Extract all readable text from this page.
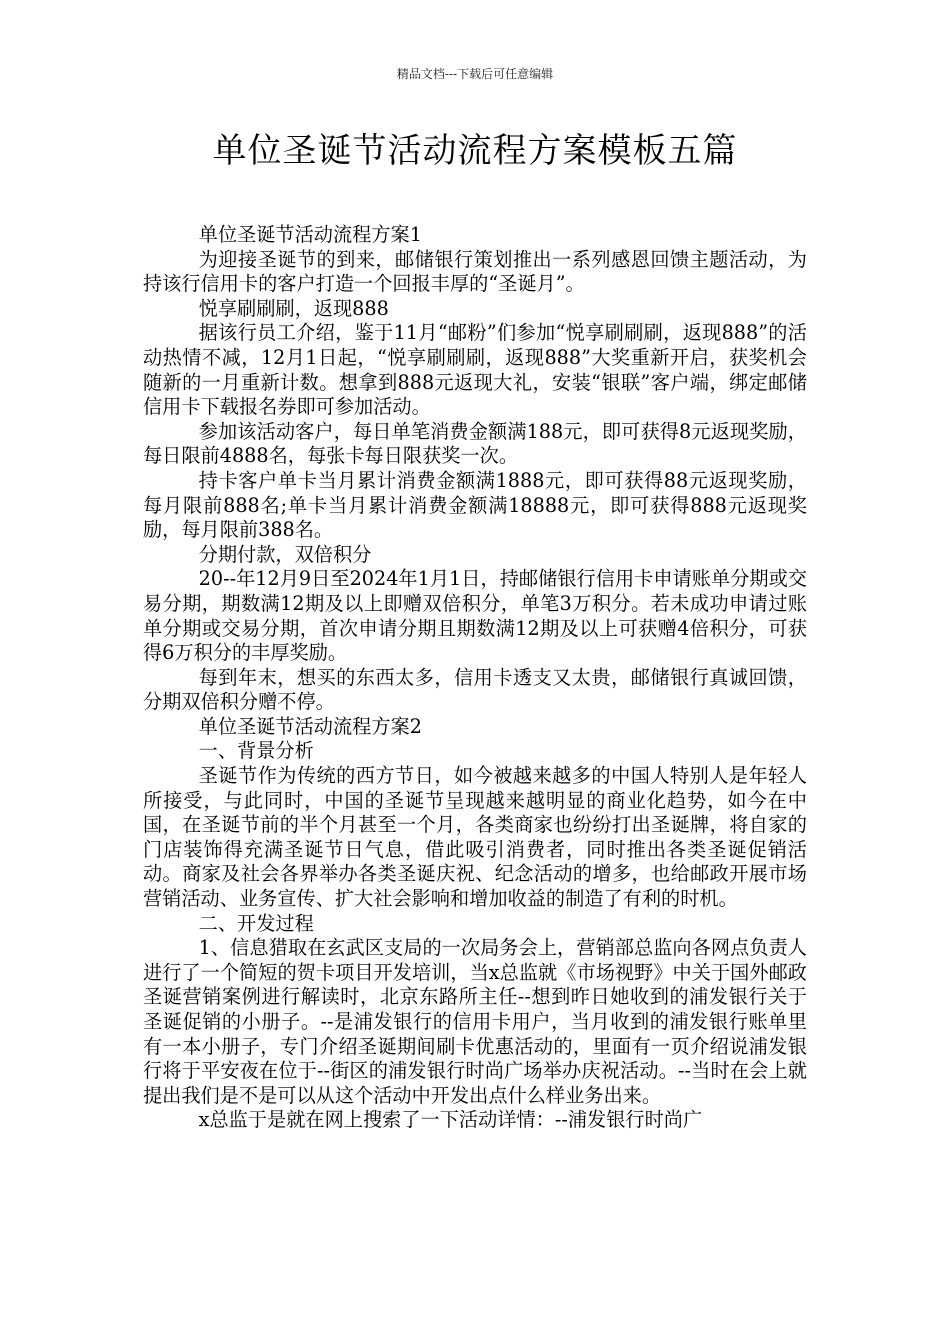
精品文档---下载后可任意编辑
单位圣诞节活动流程方案模板五篇

单位圣诞节活动流程方案1

为迎接圣诞节的到来，邮储银行策划推出一系列感恩回馈主题活动，为持该行信用卡的客户打造一个回报丰厚的“圣诞月”。

悦享刷刷刷，返现888

据该行员工介绍，鉴于11月“邮粉”们参加“悦享刷刷刷，返现888”的活动热情不减，12月1日起，“悦享刷刷刷，返现888”大奖重新开启，获奖机会随新的一月重新计数。想拿到888元返现大礼，安装“银联”客户端，绑定邮储信用卡下载报名券即可参加活动。

参加该活动客户，每日单笔消费金额满188元，即可获得8元返现奖励，每日限前4888名，每张卡每日限获奖一次。

持卡客户单卡当月累计消费金额满1888元，即可获得88元返现奖励，每月限前888名;单卡当月累计消费金额满18888元，即可获得888元返现奖励，每月限前388名。

分期付款，双倍积分

20--年12月9日至2024年1月1日，持邮储银行信用卡申请账单分期或交易分期，期数满12期及以上即赠双倍积分，单笔3万积分。若未成功申请过账单分期或交易分期，首次申请分期且期数满12期及以上可获赠4倍积分，可获得6万积分的丰厚奖励。

每到年末，想买的东西太多，信用卡透支又太贵，邮储银行真诚回馈，分期双倍积分赠不停。

单位圣诞节活动流程方案2

一、背景分析

圣诞节作为传统的西方节日，如今被越来越多的中国人特别人是年轻人所接受，与此同时，中国的圣诞节呈现越来越明显的商业化趋势，如今在中国，在圣诞节前的半个月甚至一个月，各类商家也纷纷打出圣诞牌，将自家的门店装饰得充满圣诞节日气息，借此吸引消费者，同时推出各类圣诞促销活动。商家及社会各界举办各类圣诞庆祝、纪念活动的增多，也给邮政开展市场营销活动、业务宣传、扩大社会影响和增加收益的制造了有利的时机。

二、开发过程

1、信息猎取在玄武区支局的一次局务会上，营销部总监向各网点负责人进行了一个简短的贺卡项目开发培训，当x总监就《市场视野》中关于国外邮政圣诞营销案例进行解读时，北京东路所主任--想到昨日她收到的浦发银行关于圣诞促销的小册子。--是浦发银行的信用卡用户，当月收到的浦发银行账单里有一本小册子，专门介绍圣诞期间刷卡优惠活动的，里面有一页介绍说浦发银行将于平安夜在位于--街区的浦发银行时尚广场举办庆祝活动。--当时在会上就提出我们是不是可以从这个活动中开发出点什么样业务出来。

x总监于是就在网上搜索了一下活动详情：--浦发银行时尚广
